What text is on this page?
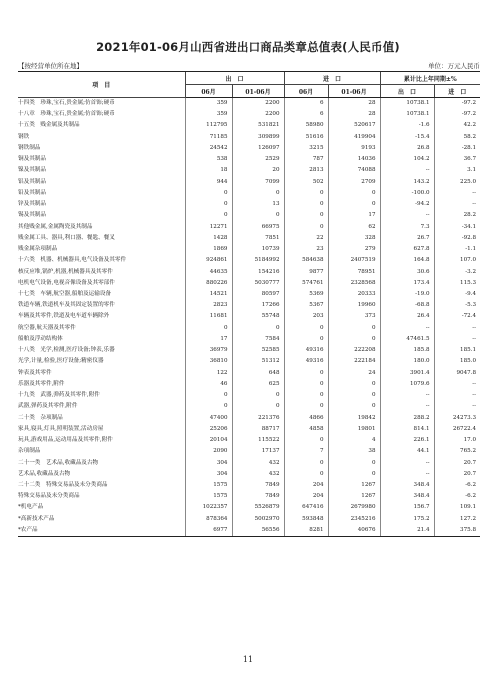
2021年01-06月山西省进出口商品类章总值表(人民币值)
【按经营单位所在地】	单位：万元人民币
项　目	出　口		进　口		累计比上年同期±%	
	06月	01-06月	06月	01-06月	出　口	进　口
十四类　珍珠,宝石,贵金属;仿首饰;硬币	359	2200	6	28	10738.1	-97.2
十八章　珍珠,宝石,贵金属;仿首饰;硬币	359	2200	6	28	10738.1	-97.2
十五类　贱金属及其制品	112795	531821	58980	520617	-1.6	42.2
钢铁	71185	309899	51616	419904	-15.4	58.2
钢铁制品	24542	126097	3215	9193	26.8	-28.1
铜及其制品	538	2529	787	14036	104.2	36.7
镍及其制品	18	20	2813	74088	--	3.1
铝及其制品	944	7099	502	2709	143.2	225.0
铅及其制品	0	0	0	0	-100.0	--
锌及其制品	0	13	0	0	-94.2	--
锡及其制品	0	0	0	17	--	28.2
其他贱金属,金属陶瓷及其制品	12271	66975	0	62	7.3	-34.1
贱金属工具、器具,利口器、餐匙、餐叉	1428	7851	22	328	26.7	-92.8
贱金属杂项制品	1869	10739	23	279	627.8	-1.1
十六类　机器、机械器具,电气设备及其零件	924861	5184992	584638	2407519	164.8	107.0
核反应堆,锅炉,机器,机械器具及其零件	44635	154216	9877	78951	30.6	-3.2
电机电气设备,电视音像设备及其零部件	880226	5030777	574761	2328568	173.4	115.3
十七类　车辆,航空器,船舶及运输设备	14521	80597	5369	20333	-19.0	-9.4
铁道车辆,铁道机车及其固定装置的零件	2823	17266	5367	19960	-68.8	-5.3
车辆及其零件,铁道及电车道车辆除外	11681	55748	203	373	26.4	-72.4
航空器,航天器及其零件	0	0	0	0	--	--
船舶及浮动结构体	17	7584	0	0	47461.5	--
十八类　光学,检测,医疗设备;钟表,乐器	36979	52585	49316	222208	185.8	185.1
光学,计量,检验,医疗设备;精密仪器	36810	51312	49316	222184	180.0	185.0
钟表及其零件	122	648	0	24	3901.4	9047.8
乐器及其零件,附件	46	625	0	0	1079.6	--
十九类　武器,弹药及其零件,附件	0	0	0	0	--	--
武器,弹药及其零件,附件	0	0	0	0	--	--
二十类　杂项制品	47400	221376	4866	19842	288.2	24273.3
家具,寝具,灯具,照明装置,活动房屋	25206	88717	4858	19801	814.1	26722.4
玩具,游戏用品,运动用品及其零件,附件	20104	115522	0	4	226.1	17.0
杂项制品	2090	17137	7	38	44.1	765.2
二十一类　艺术品,收藏品及古物	304	432	0	0	--	20.7
艺术品,收藏品及古物	304	432	0	0	--	20.7
二十二类　特殊交易品及未分类商品	1575	7849	204	1267	348.4	-6.2
特殊交易品及未分类商品	1575	7849	204	1267	348.4	-6.2
*机电产品	1022357	5526879	647416	2679980	156.7	109.1
*高新技术产品	878364	5002970	593848	2345216	175.2	127.2
*农产品	6977	56556	8281	40676	21.4	375.8
11
